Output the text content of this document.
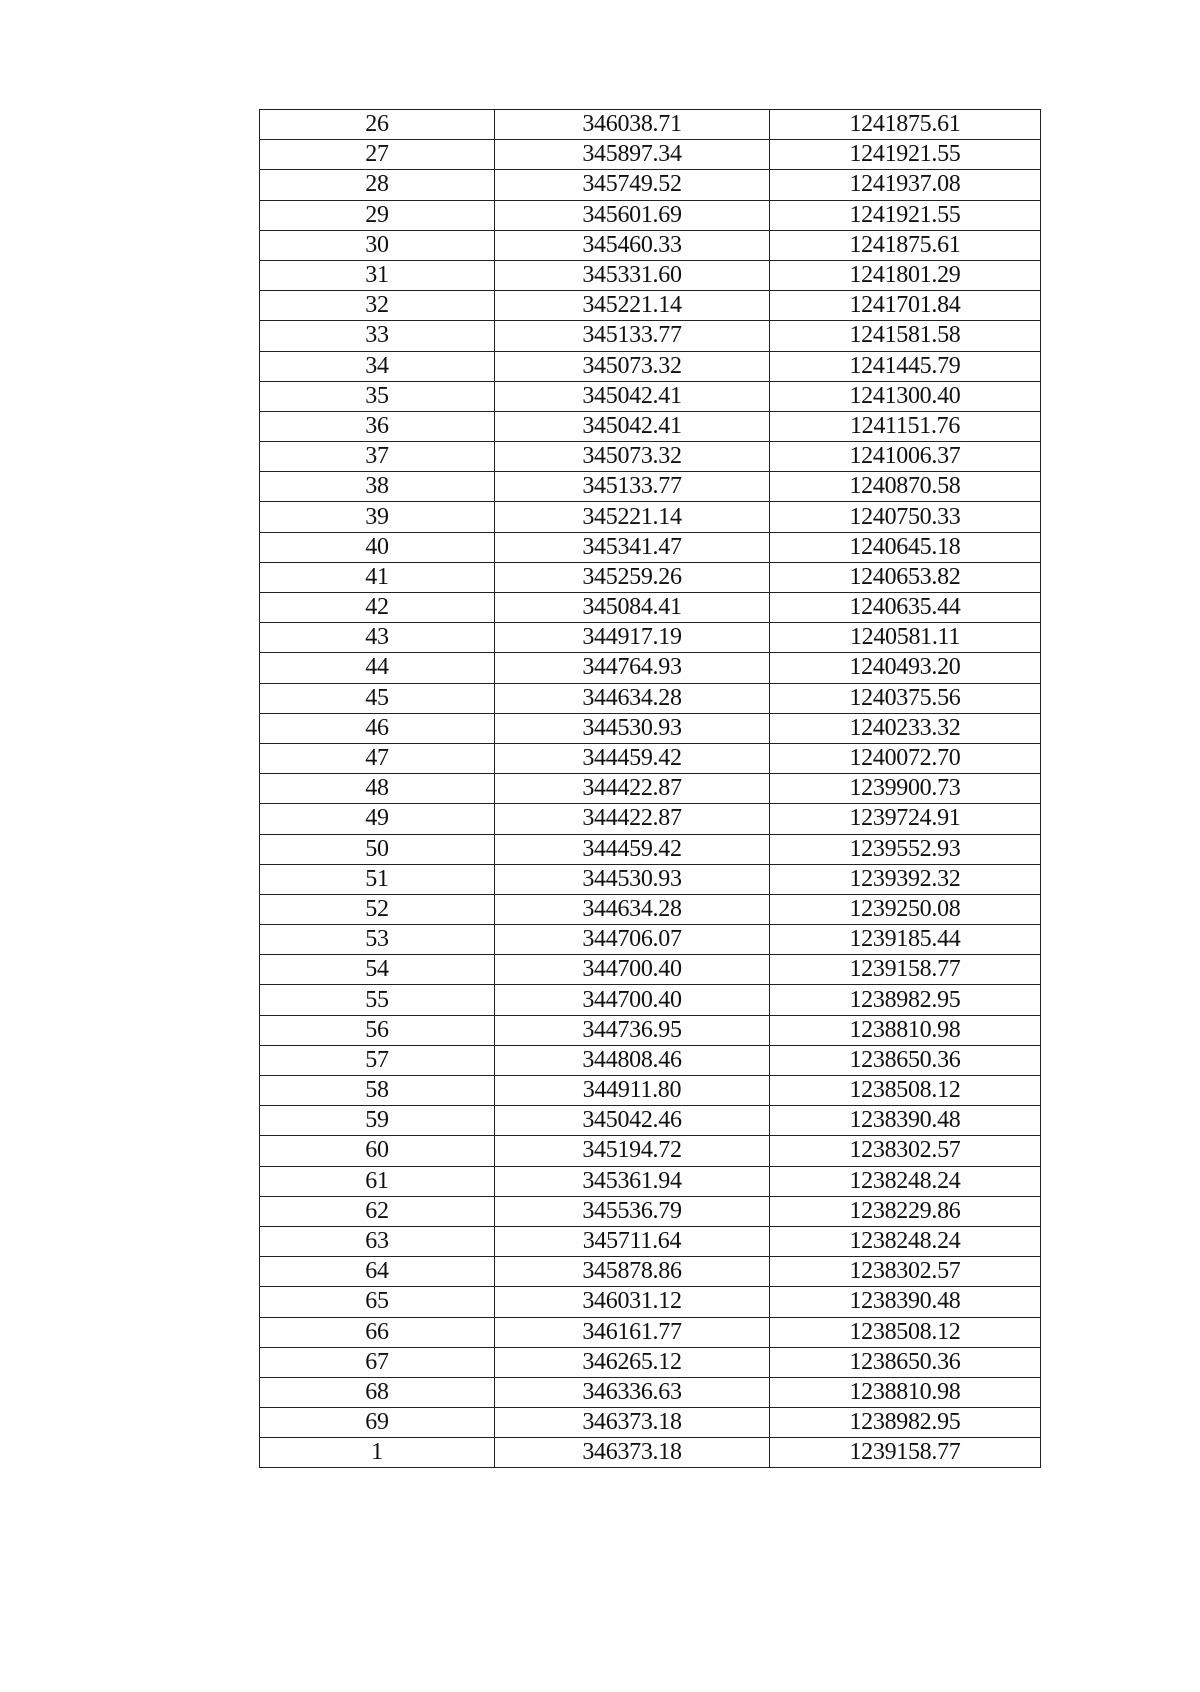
26	346038.71	1241875.61
27	345897.34	1241921.55
28	345749.52	1241937.08
29	345601.69	1241921.55
30	345460.33	1241875.61
31	345331.60	1241801.29
32	345221.14	1241701.84
33	345133.77	1241581.58
34	345073.32	1241445.79
35	345042.41	1241300.40
36	345042.41	1241151.76
37	345073.32	1241006.37
38	345133.77	1240870.58
39	345221.14	1240750.33
40	345341.47	1240645.18
41	345259.26	1240653.82
42	345084.41	1240635.44
43	344917.19	1240581.11
44	344764.93	1240493.20
45	344634.28	1240375.56
46	344530.93	1240233.32
47	344459.42	1240072.70
48	344422.87	1239900.73
49	344422.87	1239724.91
50	344459.42	1239552.93
51	344530.93	1239392.32
52	344634.28	1239250.08
53	344706.07	1239185.44
54	344700.40	1239158.77
55	344700.40	1238982.95
56	344736.95	1238810.98
57	344808.46	1238650.36
58	344911.80	1238508.12
59	345042.46	1238390.48
60	345194.72	1238302.57
61	345361.94	1238248.24
62	345536.79	1238229.86
63	345711.64	1238248.24
64	345878.86	1238302.57
65	346031.12	1238390.48
66	346161.77	1238508.12
67	346265.12	1238650.36
68	346336.63	1238810.98
69	346373.18	1238982.95
1	346373.18	1239158.77
